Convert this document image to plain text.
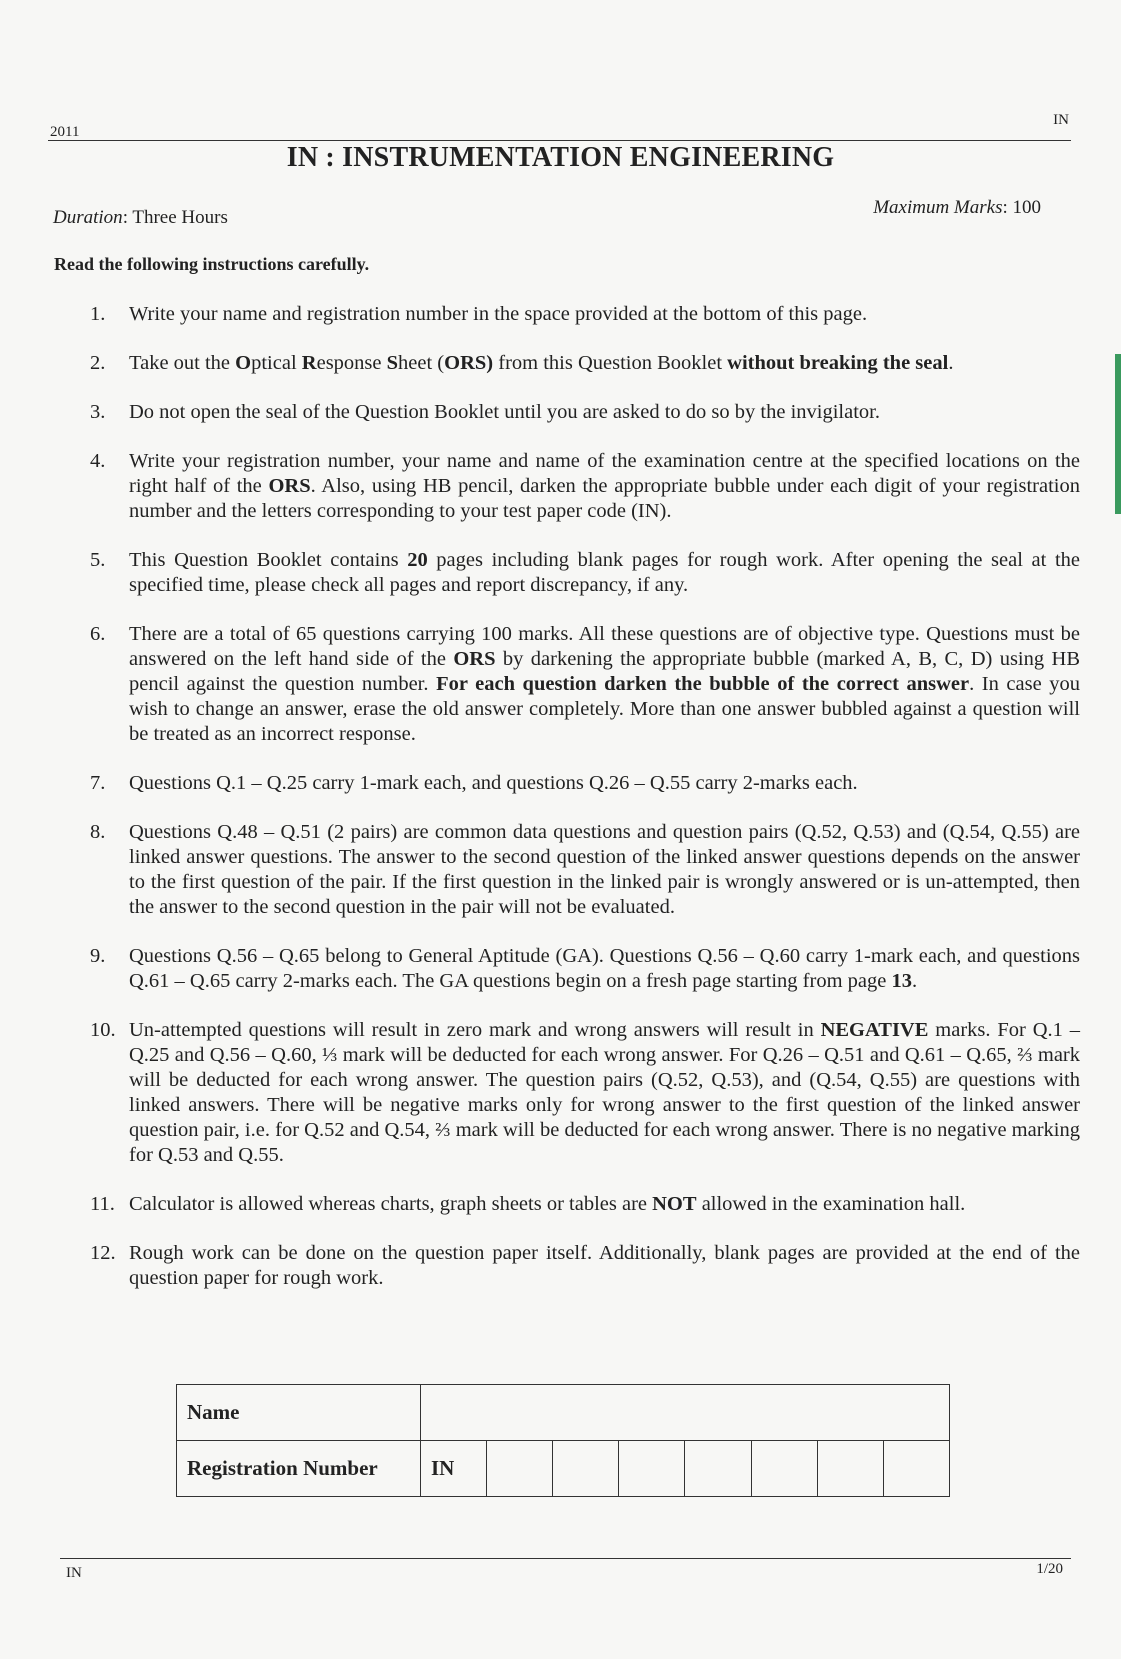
2011
IN
IN : INSTRUMENTATION ENGINEERING
Duration: Three Hours	Maximum Marks: 100
Read the following instructions carefully.
1.	Write your name and registration number in the space provided at the bottom of this page.
2.	Take out the Optical Response Sheet (ORS) from this Question Booklet without breaking the seal.
3.	Do not open the seal of the Question Booklet until you are asked to do so by the invigilator.
4.	Write your registration number, your name and name of the examination centre at the specified locations on the right half of the ORS. Also, using HB pencil, darken the appropriate bubble under each digit of your registration number and the letters corresponding to your test paper code (IN).
5.	This Question Booklet contains 20 pages including blank pages for rough work. After opening the seal at the specified time, please check all pages and report discrepancy, if any.
6.	There are a total of 65 questions carrying 100 marks. All these questions are of objective type. Questions must be answered on the left hand side of the ORS by darkening the appropriate bubble (marked A, B, C, D) using HB pencil against the question number. For each question darken the bubble of the correct answer. In case you wish to change an answer, erase the old answer completely. More than one answer bubbled against a question will be treated as an incorrect response.
7.	Questions Q.1 – Q.25 carry 1-mark each, and questions Q.26 – Q.55 carry 2-marks each.
8.	Questions Q.48 – Q.51 (2 pairs) are common data questions and question pairs (Q.52, Q.53) and (Q.54, Q.55) are linked answer questions. The answer to the second question of the linked answer questions depends on the answer to the first question of the pair. If the first question in the linked pair is wrongly answered or is un-attempted, then the answer to the second question in the pair will not be evaluated.
9.	Questions Q.56 – Q.65 belong to General Aptitude (GA). Questions Q.56 – Q.60 carry 1-mark each, and questions Q.61 – Q.65 carry 2-marks each. The GA questions begin on a fresh page starting from page 13.
10. Un-attempted questions will result in zero mark and wrong answers will result in NEGATIVE marks. For Q.1 – Q.25 and Q.56 – Q.60, ⅓ mark will be deducted for each wrong answer. For Q.26 – Q.51 and Q.61 – Q.65, ⅔ mark will be deducted for each wrong answer. The question pairs (Q.52, Q.53), and (Q.54, Q.55) are questions with linked answers. There will be negative marks only for wrong answer to the first question of the linked answer question pair, i.e. for Q.52 and Q.54, ⅔ mark will be deducted for each wrong answer. There is no negative marking for Q.53 and Q.55.
11. Calculator is allowed whereas charts, graph sheets or tables are NOT allowed in the examination hall.
12. Rough work can be done on the question paper itself. Additionally, blank pages are provided at the end of the question paper for rough work.
Name								
Registration Number	IN							
IN	1/20
